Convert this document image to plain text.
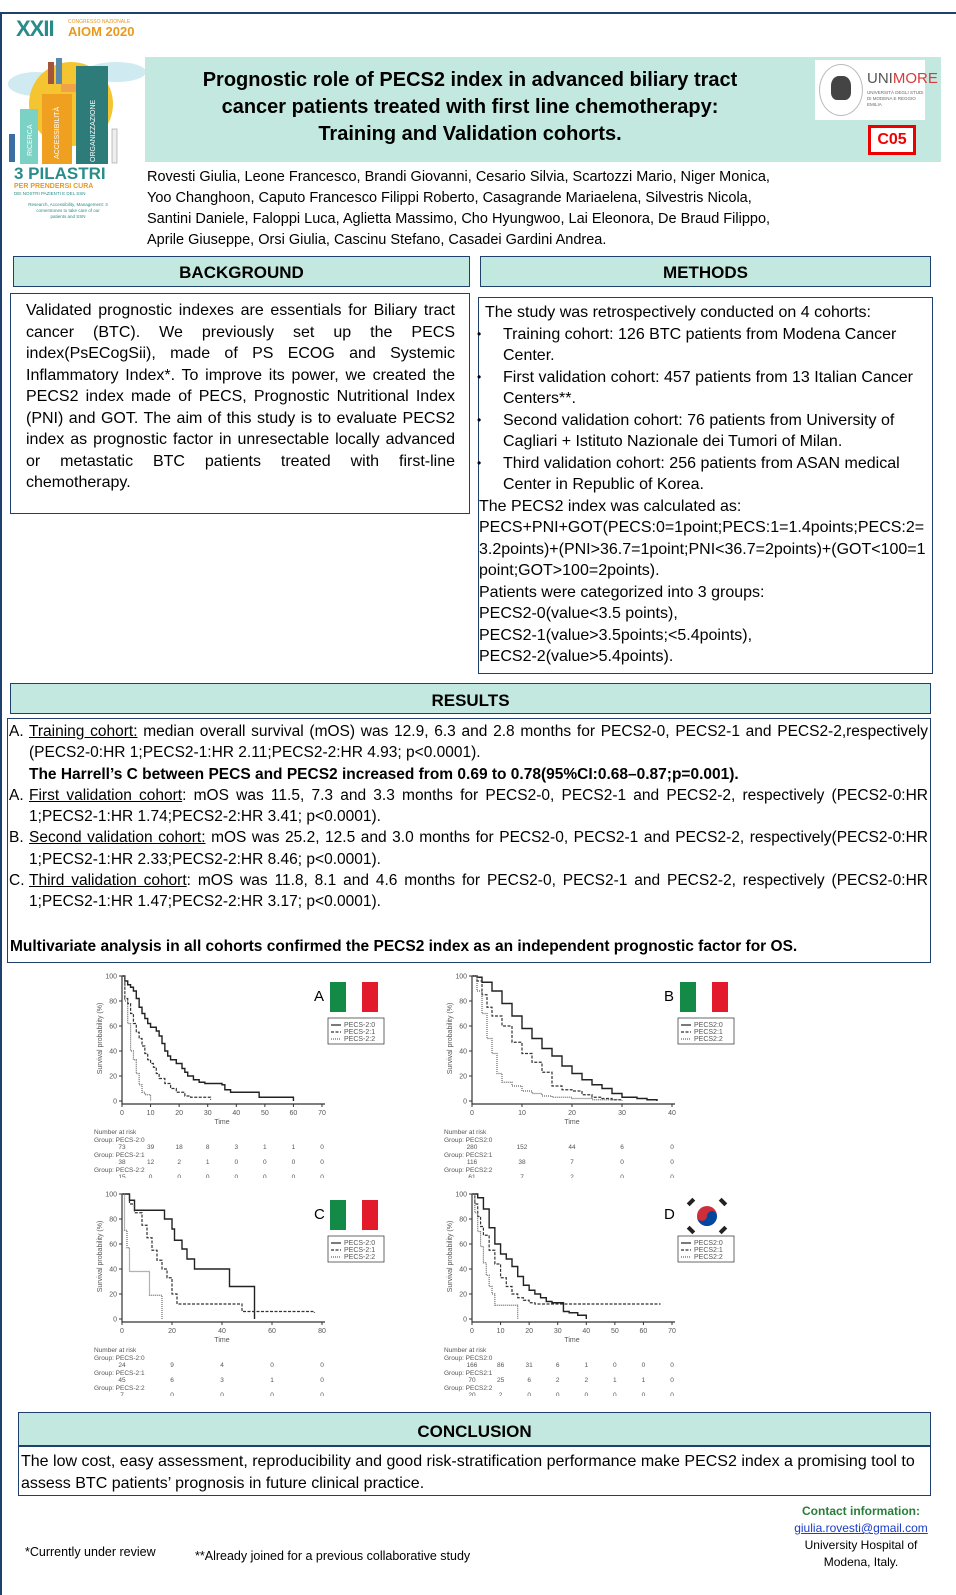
XXII	CONGRESSO NAZIONALE
AIOM 2020
RICERCA	ACCESSIBILITÀ	ORGANIZZAZIONE
3 PILASTRI
PER PRENDERSI CURA
DEI NOSTRI PAZIENTI E DEL SSN
Research, Accessibility, Management: 3 cornerstones to take care of our patients and SSN
Prognostic role of PECS2 index in advanced biliary tract
cancer patients treated with first line chemotherapy:
Training and Validation cohorts.
UNIMORE
UNIVERSITÀ DEGLI STUDI DI MODENA E REGGIO EMILIA
C05
Rovesti Giulia, Leone Francesco, Brandi Giovanni, Cesario Silvia, Scartozzi Mario, Niger Monica,
Yoo Changhoon, Caputo Francesco Filippi Roberto, Casagrande Mariaelena, Silvestris Nicola,
Santini Daniele, Faloppi Luca, Aglietta Massimo, Cho Hyungwoo, Lai Eleonora, De Braud Filippo,
Aprile Giuseppe, Orsi Giulia, Cascinu Stefano, Casadei Gardini Andrea.
BACKGROUND
Validated prognostic indexes are essentials for Biliary tract cancer (BTC). We previously set up the PECS index(PsECogSii), made of PS ECOG and Systemic Inflammatory Index*. To improve its power, we created the PECS2 index made of PECS, Prognostic Nutritional Index (PNI) and GOT. The aim of this study is to evaluate PECS2 index as prognostic factor in unresectable locally advanced or metastatic BTC patients treated with first-line chemotherapy.
METHODS
The study was retrospectively conducted on 4 cohorts:
• Training cohort: 126 BTC patients from Modena Cancer Center.
• First validation cohort: 457 patients from 13 Italian Cancer Centers**.
• Second validation cohort: 76 patients from University of Cagliari + Istituto Nazionale dei Tumori of Milan.
• Third validation cohort: 256 patients from ASAN medical Center in Republic of Korea.
The PECS2 index was calculated as:
PECS+PNI+GOT(PECS:0=1point;PECS:1=1.4points;PECS:2=3.2points)+(PNI>36.7=1point;PNI<36.7=2points)+(GOT<100=1point;GOT>100=2points).
Patients were categorized into 3 groups:
PECS2-0(value<3.5 points),
PECS2-1(value>3.5points;<5.4points),
PECS2-2(value>5.4points).
RESULTS
A. Training cohort: median overall survival (mOS) was 12.9, 6.3 and 2.8 months for PECS2-0, PECS2-1 and PECS2-2,respectively (PECS2-0:HR 1;PECS2-1:HR 2.11;PECS2-2:HR 4.93; p<0.0001).
The Harrell’s C between PECS and PECS2 increased from 0.69 to 0.78(95%CI:0.68–0.87;p=0.001).
A. First validation cohort: mOS was 11.5, 7.3 and 3.3 months for PECS2-0, PECS2-1 and PECS2-2, respectively (PECS2-0:HR 1;PECS2-1:HR 1.74;PECS2-2:HR 3.41; p<0.0001).
B. Second validation cohort: mOS was 25.2, 12.5 and 3.0 months for PECS2-0, PECS2-1 and PECS2-2, respectively(PECS2-0:HR 1;PECS2-1:HR 2.33;PECS2-2:HR 8.46; p<0.0001).
C. Third validation cohort: mOS was 11.8, 8.1 and 4.6 months for PECS2-0, PECS2-1 and PECS2-2, respectively (PECS2-0:HR 1;PECS2-1:HR 1.47;PECS2-2:HR 3.17; p<0.0001).
Multivariate analysis in all cohorts confirmed the PECS2 index as an independent prognostic factor for OS.
0
20
40
60
80
100
0	10	20	30	40	50	60	70
Survival probability (%)
Time
A
PECS-2:0
PECS-2:1
PECS-2:2
Number at risk
Group: PECS-2:0
73	39	18	8	3	1	1	0
Group: PECS-2:1
38	12	2	1	0	0	0	0
Group: PECS-2:2
15	0	0	0	0	0	0	0
0
20
40
60
80
100
0	10	20	30	40
Survival probability (%)
Time
B
PECS2:0
PECS2:1
PECS2:2
Number at risk
Group: PECS2:0
280	152	44	6	0
Group: PECS2:1
116	38	7	0	0
Group: PECS2:2
61	7	2	0	0
0
20
40
60
80
100
0	20	40	60	80
Survival probability (%)
Time
C
PECS-2:0
PECS-2:1
PECS-2:2
Number at risk
Group: PECS-2:0
24	9	4	0	0
Group: PECS-2:1
45	6	3	1	0
Group: PECS-2:2
7	0	0	0	0
0
20
40
60
80
100
0	10	20	30	40	50	60	70
Survival probability (%)
Time
D
PECS2:0
PECS2:1
PECS2:2
Number at risk
Group: PECS2:0
166	86	31	6	1	0	0	0
Group: PECS2:1
70	25	6	2	2	1	1	0
Group: PECS2:2
20	2	0	0	0	0	0	0
CONCLUSION
The low cost, easy assessment, reproducibility and good risk-stratification performance make PECS2 index a promising tool to assess BTC patients’ prognosis in future clinical practice.
Contact information:
giulia.rovesti@gmail.com
University Hospital of
Modena, Italy.
*Currently under review	**Already joined for a previous collaborative study
